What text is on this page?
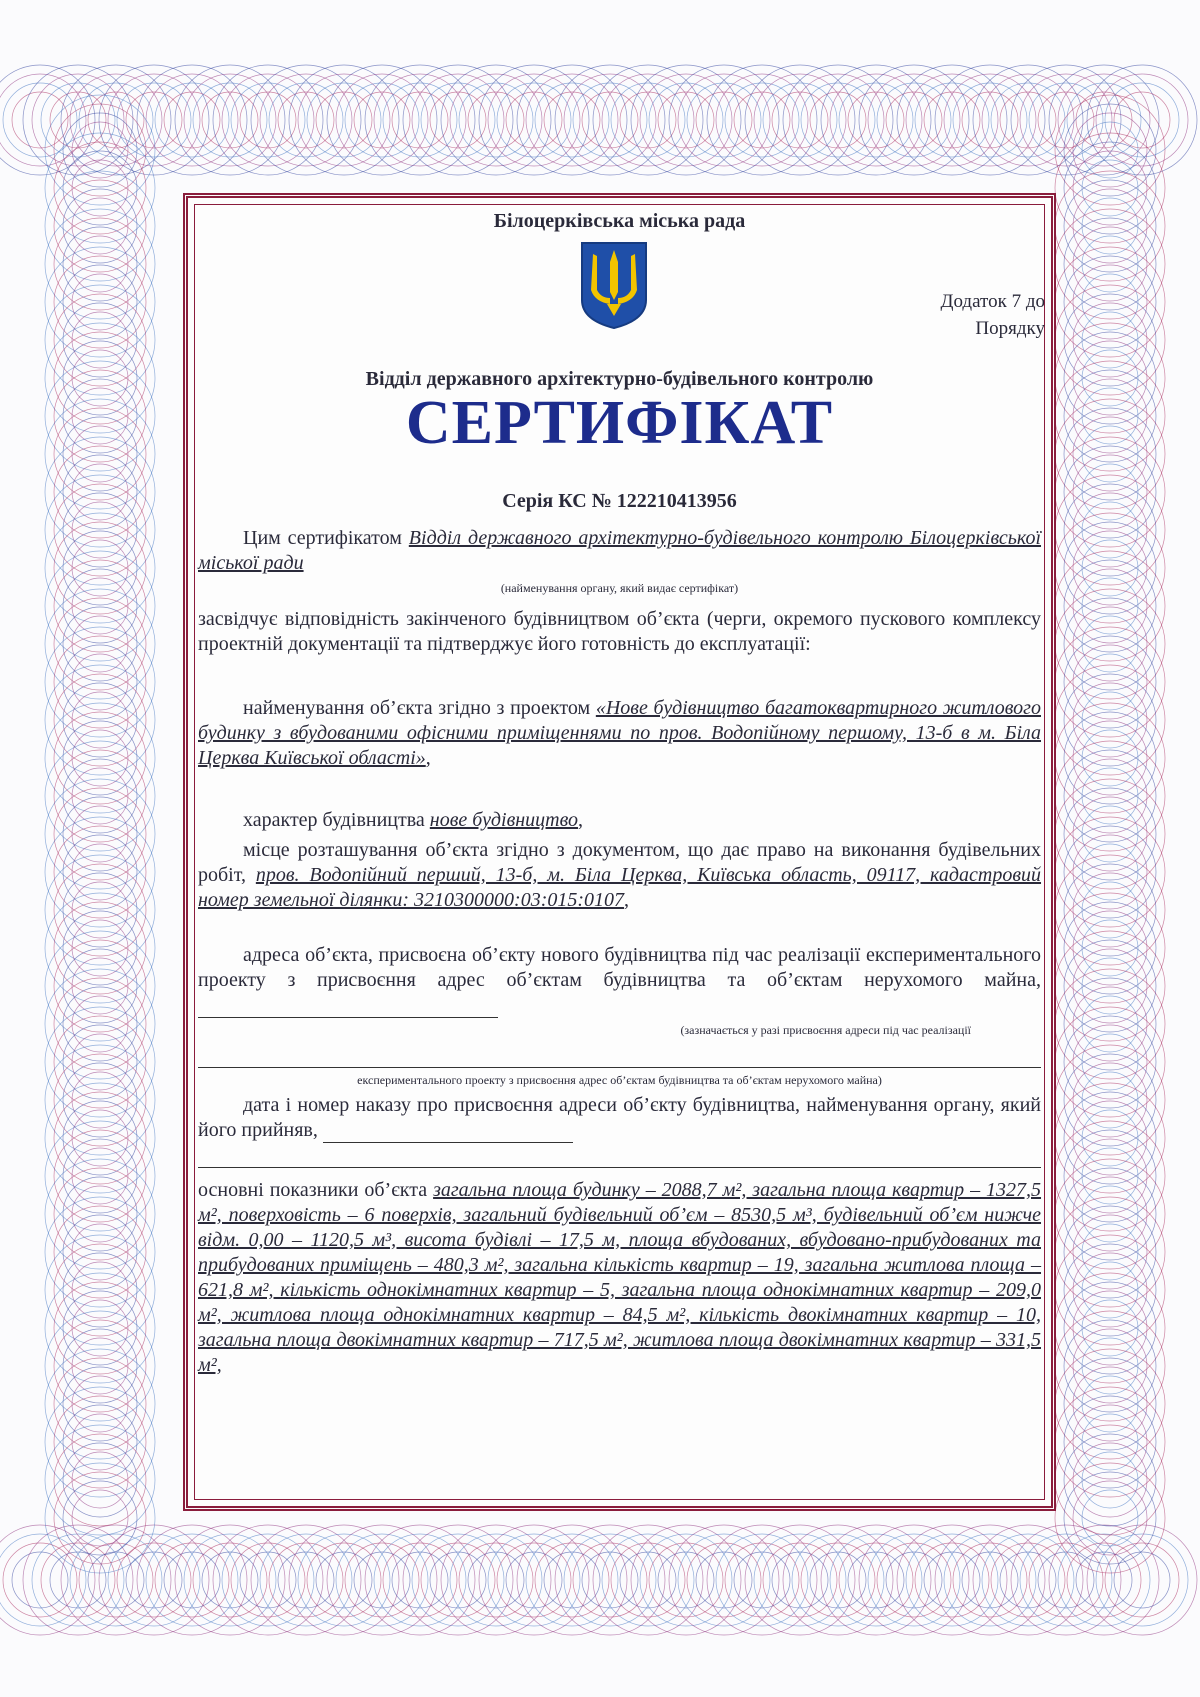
Білоцерківська міська рада
Додаток 7 до Порядку
Відділ державного архітектурно-будівельного контролю
СЕРТИФІКАТ
Серія КС № 122210413956
Цим сертифікатом Відділ державного архітектурно-будівельного контролю Білоцерківської міської ради
(найменування органу, який видає сертифікат)
засвідчує відповідність закінченого будівництвом об’єкта (черги, окремого пускового комплексу проектній документації та підтверджує його готовність до експлуатації:
найменування об’єкта згідно з проектом «Нове будівництво багатоквартирного житлового будинку з вбудованими офісними приміщеннями по пров. Водопійному першому, 13-б в м. Біла Церква Київської області»,
характер будівництва нове будівництво,
місце розташування об’єкта згідно з документом, що дає право на виконання будівельних робіт, пров. Водопійний перший, 13-б, м. Біла Церква, Київська область, 09117, кадастровий номер земельної ділянки: 3210300000:03:015:0107,
адреса об’єкта, присвоєна об’єкту нового будівництва під час реалізації експериментального проекту з присвоєння адрес об’єктам будівництва та об’єктам нерухомого майна,
(зазначається у разі присвоєння адреси під час реалізації
експериментального проекту з присвоєння адрес об’єктам будівництва та об’єктам нерухомого майна)
дата і номер наказу про присвоєння адреси об’єкту будівництва, найменування органу, який його прийняв,
основні показники об’єкта загальна площа будинку – 2088,7 м², загальна площа квартир – 1327,5 м², поверховість – 6 поверхів, загальний будівельний об’єм – 8530,5 м³, будівельний об’єм нижче відм. 0,00 – 1120,5 м³, висота будівлі – 17,5 м, площа вбудованих, вбудовано-прибудованих та прибудованих приміщень – 480,3 м², загальна кількість квартир – 19, загальна житлова площа – 621,8 м², кількість однокімнатних квартир – 5, загальна площа однокімнатних квартир – 209,0 м², житлова площа однокімнатних квартир – 84,5 м², кількість двокімнатних квартир – 10, загальна площа двокімнатних квартир – 717,5 м², житлова площа двокімнатних квартир – 331,5 м²,
